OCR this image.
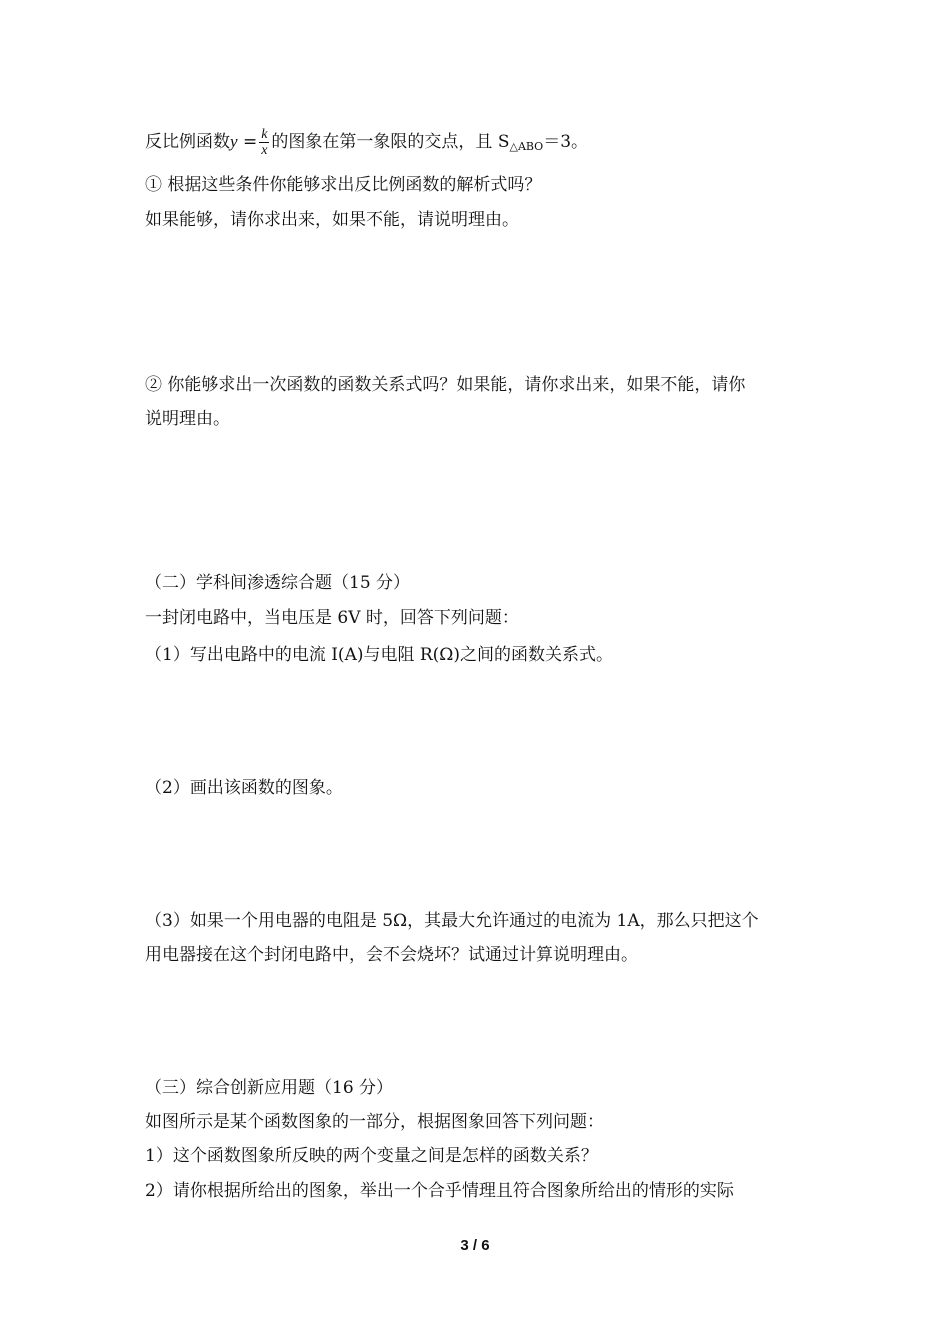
反比例函数$y = \frac{k}{x}$ 的图象在第一象限的交点，且 $S_{\triangle ABO}=3$。
① 根据这些条件你能够求出反比例函数的解析式吗？
如果能够，请你求出来，如果不能，请说明理由。
② 你能够求出一次函数的函数关系式吗？如果能，请你求出来，如果不能，请你
说明理由。
（二）学科间渗透综合题（15 分）
一封闭电路中，当电压是 6V 时，回答下列问题：
（1）写出电路中的电流 I(A)与电阻 R(Ω)之间的函数关系式。
（2）画出该函数的图象。
（3）如果一个用电器的电阻是 5Ω，其最大允许通过的电流为 1A，那么只把这个
用电器接在这个封闭电路中，会不会烧坏？试通过计算说明理由。
（三）综合创新应用题（16 分）
如图所示是某个函数图象的一部分，根据图象回答下列问题：
1）这个函数图象所反映的两个变量之间是怎样的函数关系？
2）请你根据所给出的图象，举出一个合乎情理且符合图象所给出的情形的实际
3 / 6
